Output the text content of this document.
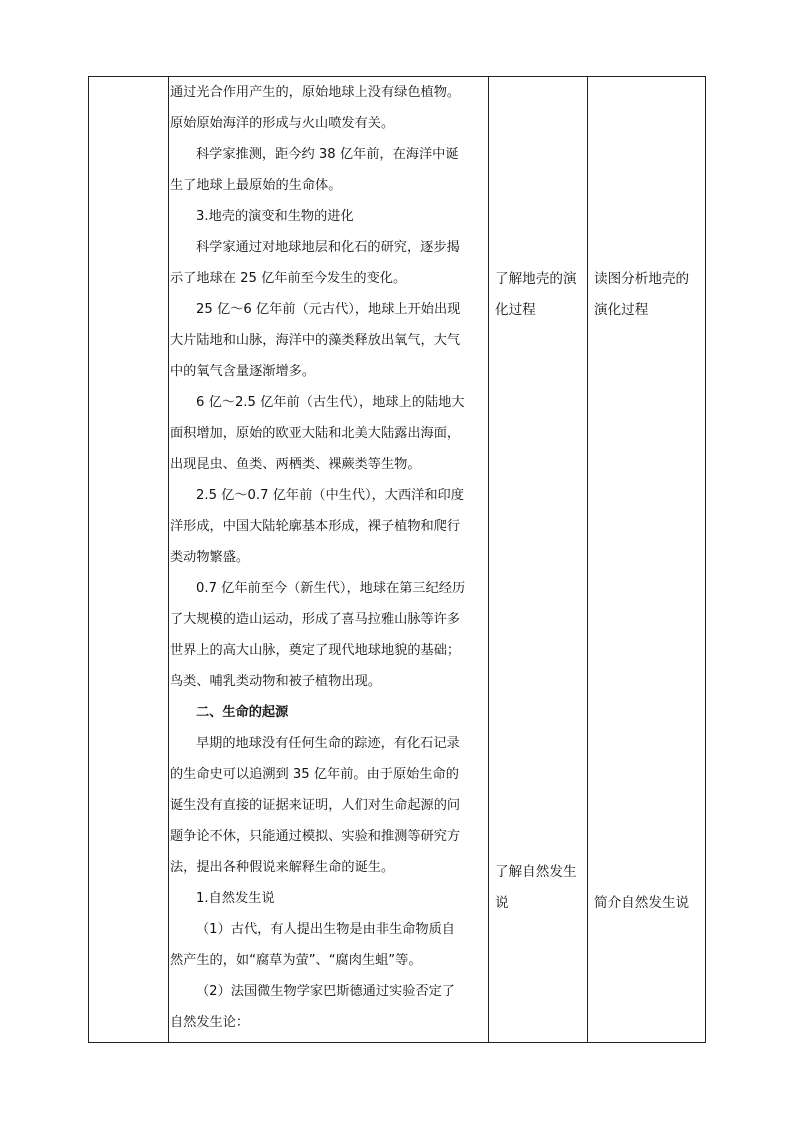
通过光合作用产生的，原始地球上没有绿色植物。

原始原始海洋的形成与火山喷发有关。

科学家推测，距今约 38 亿年前，在海洋中诞

生了地球上最原始的生命体。

3.地壳的演变和生物的进化

科学家通过对地球地层和化石的研究，逐步揭

示了地球在 25 亿年前至今发生的变化。

25 亿～6 亿年前（元古代），地球上开始出现

大片陆地和山脉，海洋中的藻类释放出氧气，大气

中的氧气含量逐渐增多。

6 亿～2.5 亿年前（古生代），地球上的陆地大

面积增加，原始的欧亚大陆和北美大陆露出海面，

出现昆虫、鱼类、两栖类、裸蕨类等生物。

2.5 亿～0.7 亿年前（中生代），大西洋和印度

洋形成，中国大陆轮廓基本形成，裸子植物和爬行

类动物繁盛。

0.7 亿年前至今（新生代），地球在第三纪经历

了大规模的造山运动，形成了喜马拉雅山脉等许多

世界上的高大山脉，奠定了现代地球地貌的基础；

鸟类、哺乳类动物和被子植物出现。

二、生命的起源

早期的地球没有任何生命的踪迹，有化石记录

的生命史可以追溯到 35 亿年前。由于原始生命的

诞生没有直接的证据来证明，人们对生命起源的问

题争论不休，只能通过模拟、实验和推测等研究方

法，提出各种假说来解释生命的诞生。

1.自然发生说

（1）古代，有人提出生物是由非生命物质自

然产生的，如“腐草为萤”、“腐肉生蛆”等。

（2）法国微生物学家巴斯德通过实验否定了

自然发生论：

了解地壳的演

化过程

了解自然发生

说

读图分析地壳的

演化过程

简介自然发生说
